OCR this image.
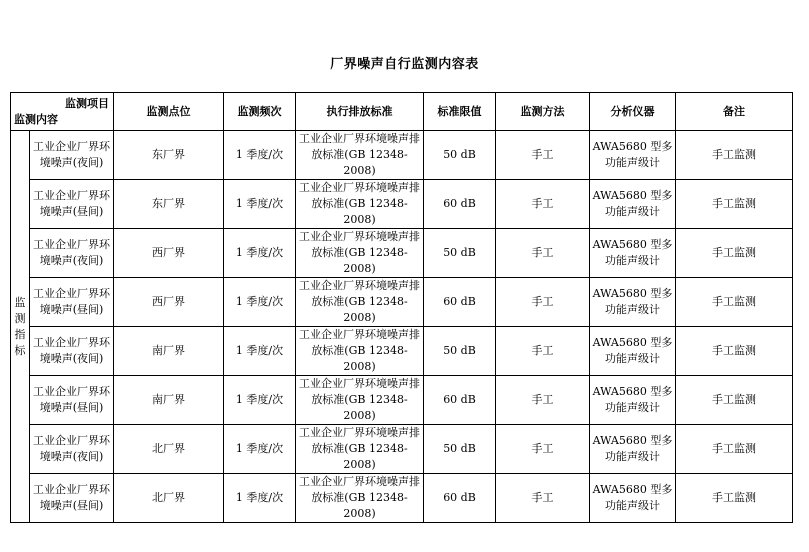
厂界噪声自行监测内容表
监测项目
监测内容		监测点位	监测频次	执行排放标准	标准限值	监测方法	分析仪器	备注

监
测
指
标	工业企业厂界环境噪声(夜间)	东厂界	1 季度/次	工业企业厂界环境噪声排放标准(GB 12348-2008)	50 dB	手工	AWA5680 型多功能声级计	手工监测
	工业企业厂界环境噪声(昼间)	东厂界	1 季度/次	工业企业厂界环境噪声排放标准(GB 12348-2008)	60 dB	手工	AWA5680 型多功能声级计	手工监测
	工业企业厂界环境噪声(夜间)	西厂界	1 季度/次	工业企业厂界环境噪声排放标准(GB 12348-2008)	50 dB	手工	AWA5680 型多功能声级计	手工监测
	工业企业厂界环境噪声(昼间)	西厂界	1 季度/次	工业企业厂界环境噪声排放标准(GB 12348-2008)	60 dB	手工	AWA5680 型多功能声级计	手工监测
	工业企业厂界环境噪声(夜间)	南厂界	1 季度/次	工业企业厂界环境噪声排放标准(GB 12348-2008)	50 dB	手工	AWA5680 型多功能声级计	手工监测
	工业企业厂界环境噪声(昼间)	南厂界	1 季度/次	工业企业厂界环境噪声排放标准(GB 12348-2008)	60 dB	手工	AWA5680 型多功能声级计	手工监测
	工业企业厂界环境噪声(夜间)	北厂界	1 季度/次	工业企业厂界环境噪声排放标准(GB 12348-2008)	50 dB	手工	AWA5680 型多功能声级计	手工监测
	工业企业厂界环境噪声(昼间)	北厂界	1 季度/次	工业企业厂界环境噪声排放标准(GB 12348-2008)	60 dB	手工	AWA5680 型多功能声级计	手工监测
